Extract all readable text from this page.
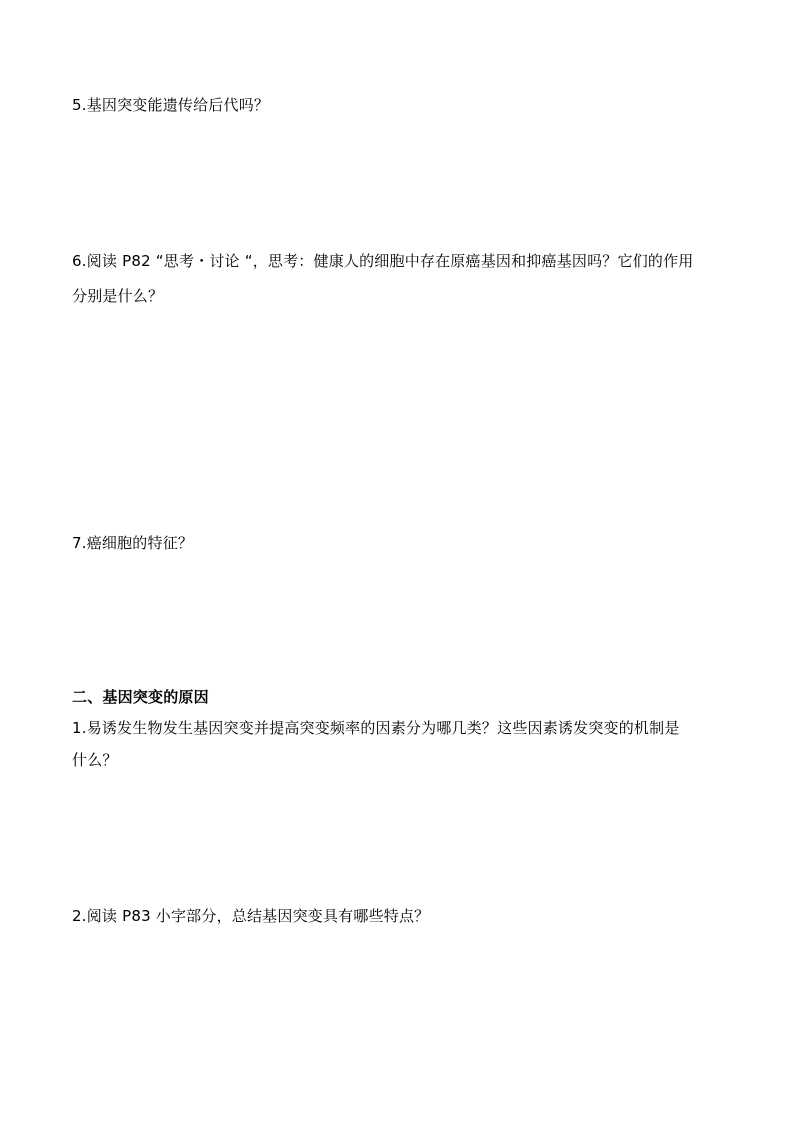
5.基因突变能遗传给后代吗？
6.阅读 P82 “思考・讨论 “，思考：健康人的细胞中存在原癌基因和抑癌基因吗？它们的作用
分别是什么？
7.癌细胞的特征？
二、基因突变的原因
1.易诱发生物发生基因突变并提高突变频率的因素分为哪几类？这些因素诱发突变的机制是
什么？
2.阅读 P83 小字部分，总结基因突变具有哪些特点？
